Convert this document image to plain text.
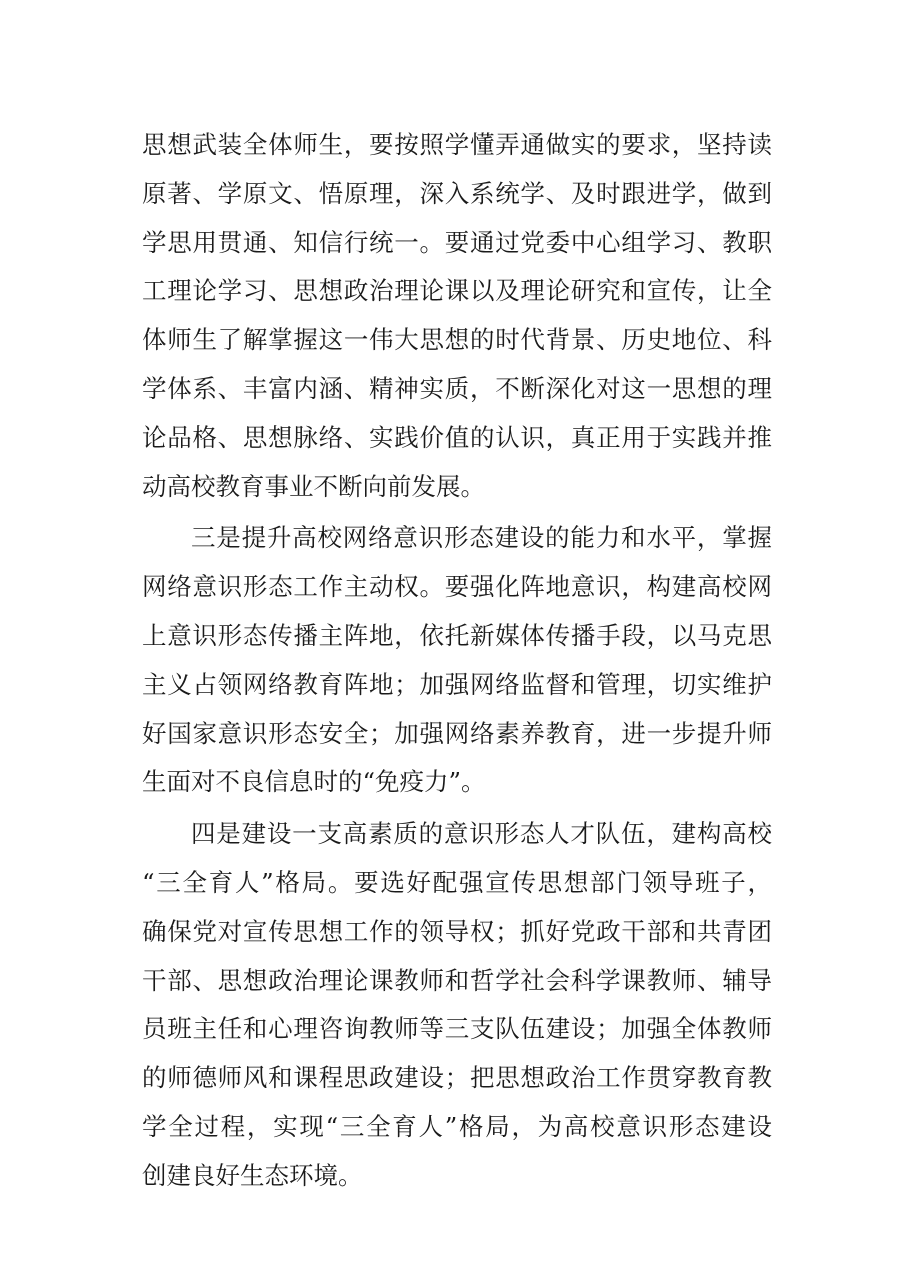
思想武装全体师生，要按照学懂弄通做实的要求，坚持读
原著、学原文、悟原理，深入系统学、及时跟进学，做到
学思用贯通、知信行统一。要通过党委中心组学习、教职
工理论学习、思想政治理论课以及理论研究和宣传，让全
体师生了解掌握这一伟大思想的时代背景、历史地位、科
学体系、丰富内涵、精神实质，不断深化对这一思想的理
论品格、思想脉络、实践价值的认识，真正用于实践并推
动高校教育事业不断向前发展。
三是提升高校网络意识形态建设的能力和水平，掌握
网络意识形态工作主动权。要强化阵地意识，构建高校网
上意识形态传播主阵地，依托新媒体传播手段，以马克思
主义占领网络教育阵地；加强网络监督和管理，切实维护
好国家意识形态安全；加强网络素养教育，进一步提升师
生面对不良信息时的“免疫力”。
四是建设一支高素质的意识形态人才队伍，建构高校
“三全育人”格局。要选好配强宣传思想部门领导班子，
确保党对宣传思想工作的领导权；抓好党政干部和共青团
干部、思想政治理论课教师和哲学社会科学课教师、辅导
员班主任和心理咨询教师等三支队伍建设；加强全体教师
的师德师风和课程思政建设；把思想政治工作贯穿教育教
学全过程，实现“三全育人”格局，为高校意识形态建设
创建良好生态环境。
